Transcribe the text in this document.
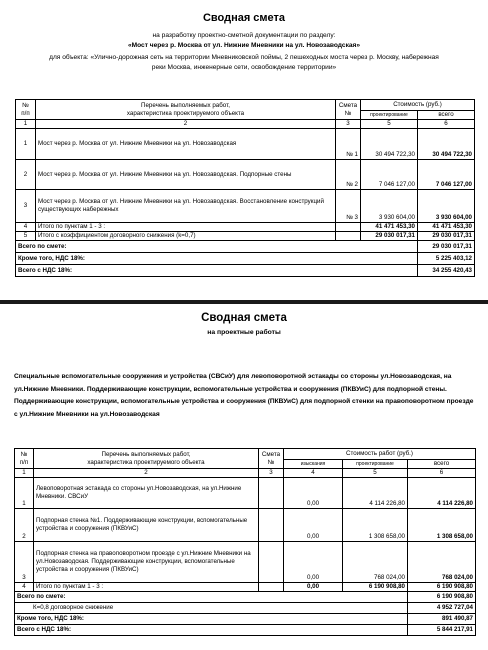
Сводная смета
на разработку проектно-сметной документации по разделу:
«Мост через р. Москва от ул. Нижние Мневники на ул. Новозаводская»
для объекта: «Улично-дорожная сеть на территории Мневниковской поймы, 2 пешеходных моста через р. Москву, набережная
реки Москва, инженерные сети, освобождение территории»
№
п/п	Перечень выполняемых работ,
характеристика проектируемого объекта	Смета
№	Стоимость (руб.)	
			проектирование	всего
1	2	3	5	6
1	Мост через р. Москва от ул. Нижние Мневники на ул. Новозаводская	№ 1	30 494 722,30	30 494 722,30
2	Мост через р. Москва от ул. Нижние Мневники на ул. Новозаводская. Подпорные стены	№ 2	7 046 127,00	7 046 127,00
3	Мост через р. Москва от ул. Нижние Мневники на ул. Новозаводская. Восстановление конструкций существующих набережных	№ 3	3 930 604,00	3 930 604,00
4	Итого по пунктам 1 - 3 :		41 471 453,30	41 471 453,30
5	Итого с коэффициентом договорного снижения (k=0,7)		29 030 017,31	29 030 017,31
Всего по смете:				29 030 017,31
Кроме того, НДС 18%:				5 225 403,12
Всего с НДС 18%:				34 255 420,43
Сводная смета
на проектные работы
Специальные вспомогательные сооружения и устройства (СВСиУ) для левоповоротной эстакады со стороны ул.Новозаводская, на ул.Нижние Мневники. Поддерживающие конструкции, вспомогательные устройства и сооружения (ПКВУиС) для подпорной стены. Поддерживающие конструкции, вспомогательные устройства и сооружения (ПКВУиС) для подпорной стенки на правоповоротном проезде с ул.Нижние Мневники на ул.Новозаводская
№
п/п	Перечень выполняемых работ,
характеристика проектируемого объекта	Смета
№	Стоимость работ (руб.)		
			изыскания	проектирование	всего
1	2	3	4	5	6
1	Левоповоротная эстакада со стороны ул.Новозаводская, на ул.Нижние Мневники. СВСиУ		0,00	4 114 226,80	4 114 226,80
2	Подпорная стенка №1. Поддерживающие конструкции, вспомогательные устройства и сооружения (ПКВУиС)		0,00	1 308 658,00	1 308 658,00
3	Подпорная стенка на правоповоротном проезде с ул.Нижние Мневники на ул.Новозаводская. Поддерживающие конструкции, вспомогательные устройства и сооружения (ПКВУиС)		0,00	768 024,00	768 024,00
4	Итого по пунктам 1 - 3 :		0,00	6 190 908,80	6 190 908,80
Всего по смете:					6 190 908,80
К=0,8 договорное снижение					4 952 727,04
Кроме того, НДС 18%:					891 490,87
Всего с НДС 18%:					5 844 217,91
